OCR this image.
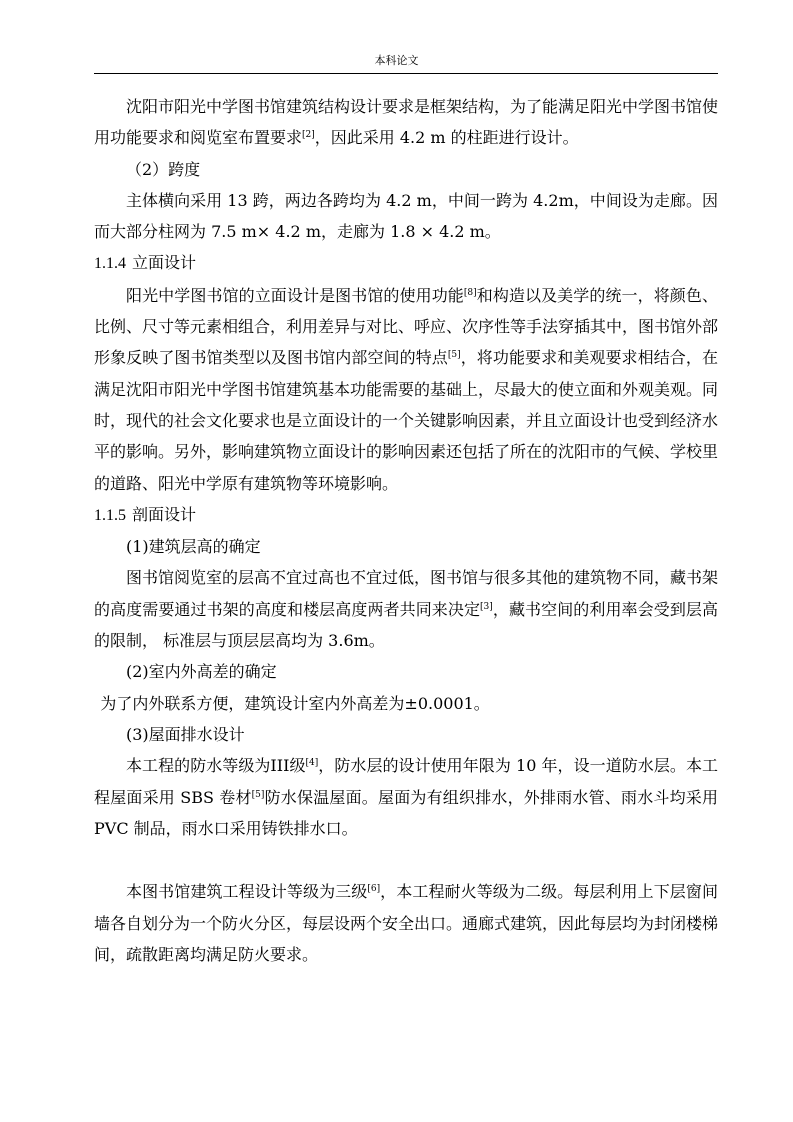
本科论文

沈阳市阳光中学图书馆建筑结构设计要求是框架结构，为了能满足阳光中学图书馆使用功能要求和阅览室布置要求[2]，因此采用 4.2 m 的柱距进行设计。

（2）跨度

主体横向采用 13 跨，两边各跨均为 4.2 m，中间一跨为 4.2m，中间设为走廊。因而大部分柱网为 7.5 m× 4.2 m，走廊为 1.8 × 4.2 m。

1.1.4 立面设计

阳光中学图书馆的立面设计是图书馆的使用功能[8]和构造以及美学的统一，将颜色、比例、尺寸等元素相组合，利用差异与对比、呼应、次序性等手法穿插其中，图书馆外部形象反映了图书馆类型以及图书馆内部空间的特点[5]，将功能要求和美观要求相结合，在满足沈阳市阳光中学图书馆建筑基本功能需要的基础上，尽最大的使立面和外观美观。同时，现代的社会文化要求也是立面设计的一个关键影响因素，并且立面设计也受到经济水平的影响。另外，影响建筑物立面设计的影响因素还包括了所在的沈阳市的气候、学校里的道路、阳光中学原有建筑物等环境影响。

1.1.5 剖面设计

(1)建筑层高的确定

图书馆阅览室的层高不宜过高也不宜过低，图书馆与很多其他的建筑物不同，藏书架的高度需要通过书架的高度和楼层高度两者共同来决定[3]，藏书空间的利用率会受到层高的限制， 标准层与顶层层高均为 3.6m。

(2)室内外高差的确定

为了内外联系方便，建筑设计室内外高差为±0.0001。

(3)屋面排水设计

本工程的防水等级为III级[4]，防水层的设计使用年限为 10 年，设一道防水层。本工程屋面采用 SBS 卷材[5]防水保温屋面。屋面为有组织排水，外排雨水管、雨水斗均采用 PVC 制品，雨水口采用铸铁排水口。

本图书馆建筑工程设计等级为三级[6]，本工程耐火等级为二级。每层利用上下层窗间墙各自划分为一个防火分区，每层设两个安全出口。通廊式建筑，因此每层均为封闭楼梯间，疏散距离均满足防火要求。
